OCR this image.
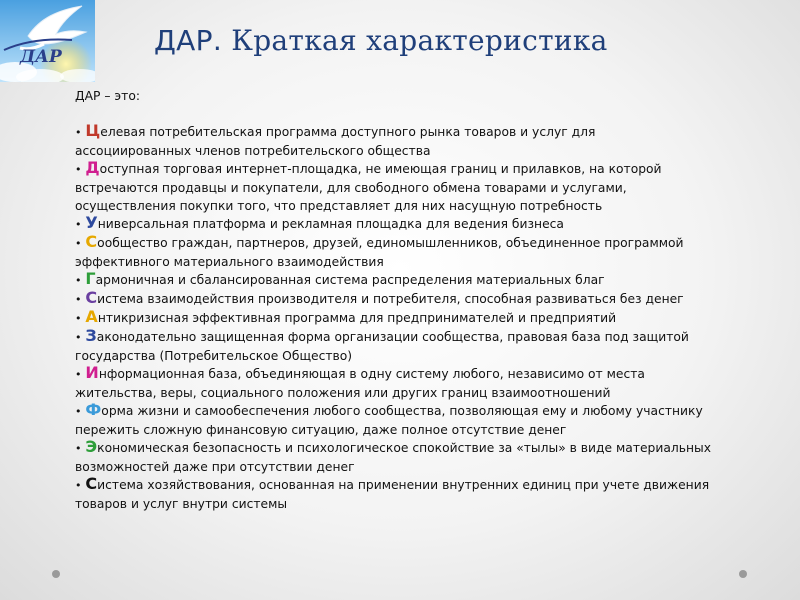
ДАР	ДАР. Краткая характеристика

ДАР – это:

• Целевая потребительская программа доступного рынка товаров и услуг для ассоциированных членов потребительского общества
• Доступная торговая интернет-площадка, не имеющая границ и прилавков, на которой встречаются продавцы и покупатели, для свободного обмена товарами и услугами, осуществления покупки того, что представляет для них насущную потребность
• Универсальная платформа и рекламная площадка для ведения бизнеса
• Сообщество граждан, партнеров, друзей, единомышленников, объединенное программой эффективного материального взаимодействия
• Гармоничная и сбалансированная система распределения материальных благ
• Система взаимодействия производителя и потребителя, способная развиваться без денег
• Антикризисная эффективная программа для предпринимателей и предприятий
• Законодательно защищенная форма организации сообщества, правовая база под защитой государства (Потребительское Общество)
• Информационная база, объединяющая в одну систему любого, независимо от места жительства, веры, социального положения или других границ взаимоотношений
• Форма жизни и самообеспечения любого сообщества, позволяющая ему и любому участнику пережить сложную финансовую ситуацию, даже полное отсутствие денег
• Экономическая безопасность и психологическое спокойствие за «тылы» в виде материальных возможностей даже при отсутствии денег
• Система хозяйствования, основанная на применении внутренних единиц при учете движения товаров и услуг внутри системы
